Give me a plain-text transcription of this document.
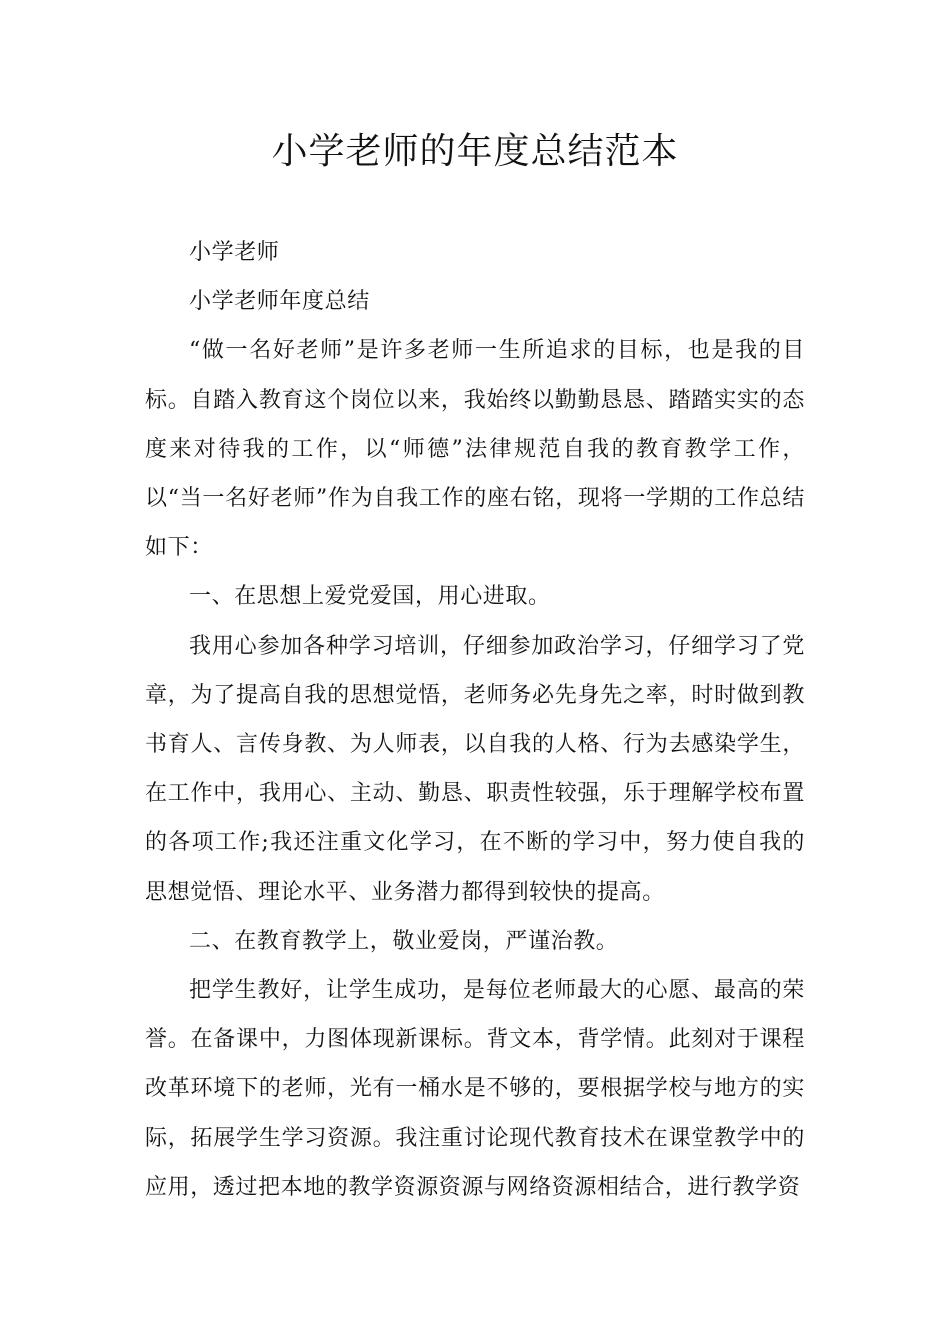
小学老师的年度总结范本

小学老师

小学老师年度总结

“做一名好老师”是许多老师一生所追求的目标，也是我的目标。自踏入教育这个岗位以来，我始终以勤勤恳恳、踏踏实实的态度来对待我的工作，以“师德”法律规范自我的教育教学工作，以“当一名好老师”作为自我工作的座右铭，现将一学期的工作总结如下：

一、在思想上爱党爱国，用心进取。

我用心参加各种学习培训，仔细参加政治学习，仔细学习了党章，为了提高自我的思想觉悟，老师务必先身先之率，时时做到教书育人、言传身教、为人师表，以自我的人格、行为去感染学生，在工作中，我用心、主动、勤恳、职责性较强，乐于理解学校布置的各项工作;我还注重文化学习，在不断的学习中，努力使自我的思想觉悟、理论水平、业务潜力都得到较快的提高。

二、在教育教学上，敬业爱岗，严谨治教。

把学生教好，让学生成功，是每位老师最大的心愿、最高的荣誉。在备课中，力图体现新课标。背文本，背学情。此刻对于课程改革环境下的老师，光有一桶水是不够的，要根据学校与地方的实际，拓展学生学习资源。我注重讨论现代教育技术在课堂教学中的应用，透过把本地的教学资源资源与网络资源相结合，进行教学资
